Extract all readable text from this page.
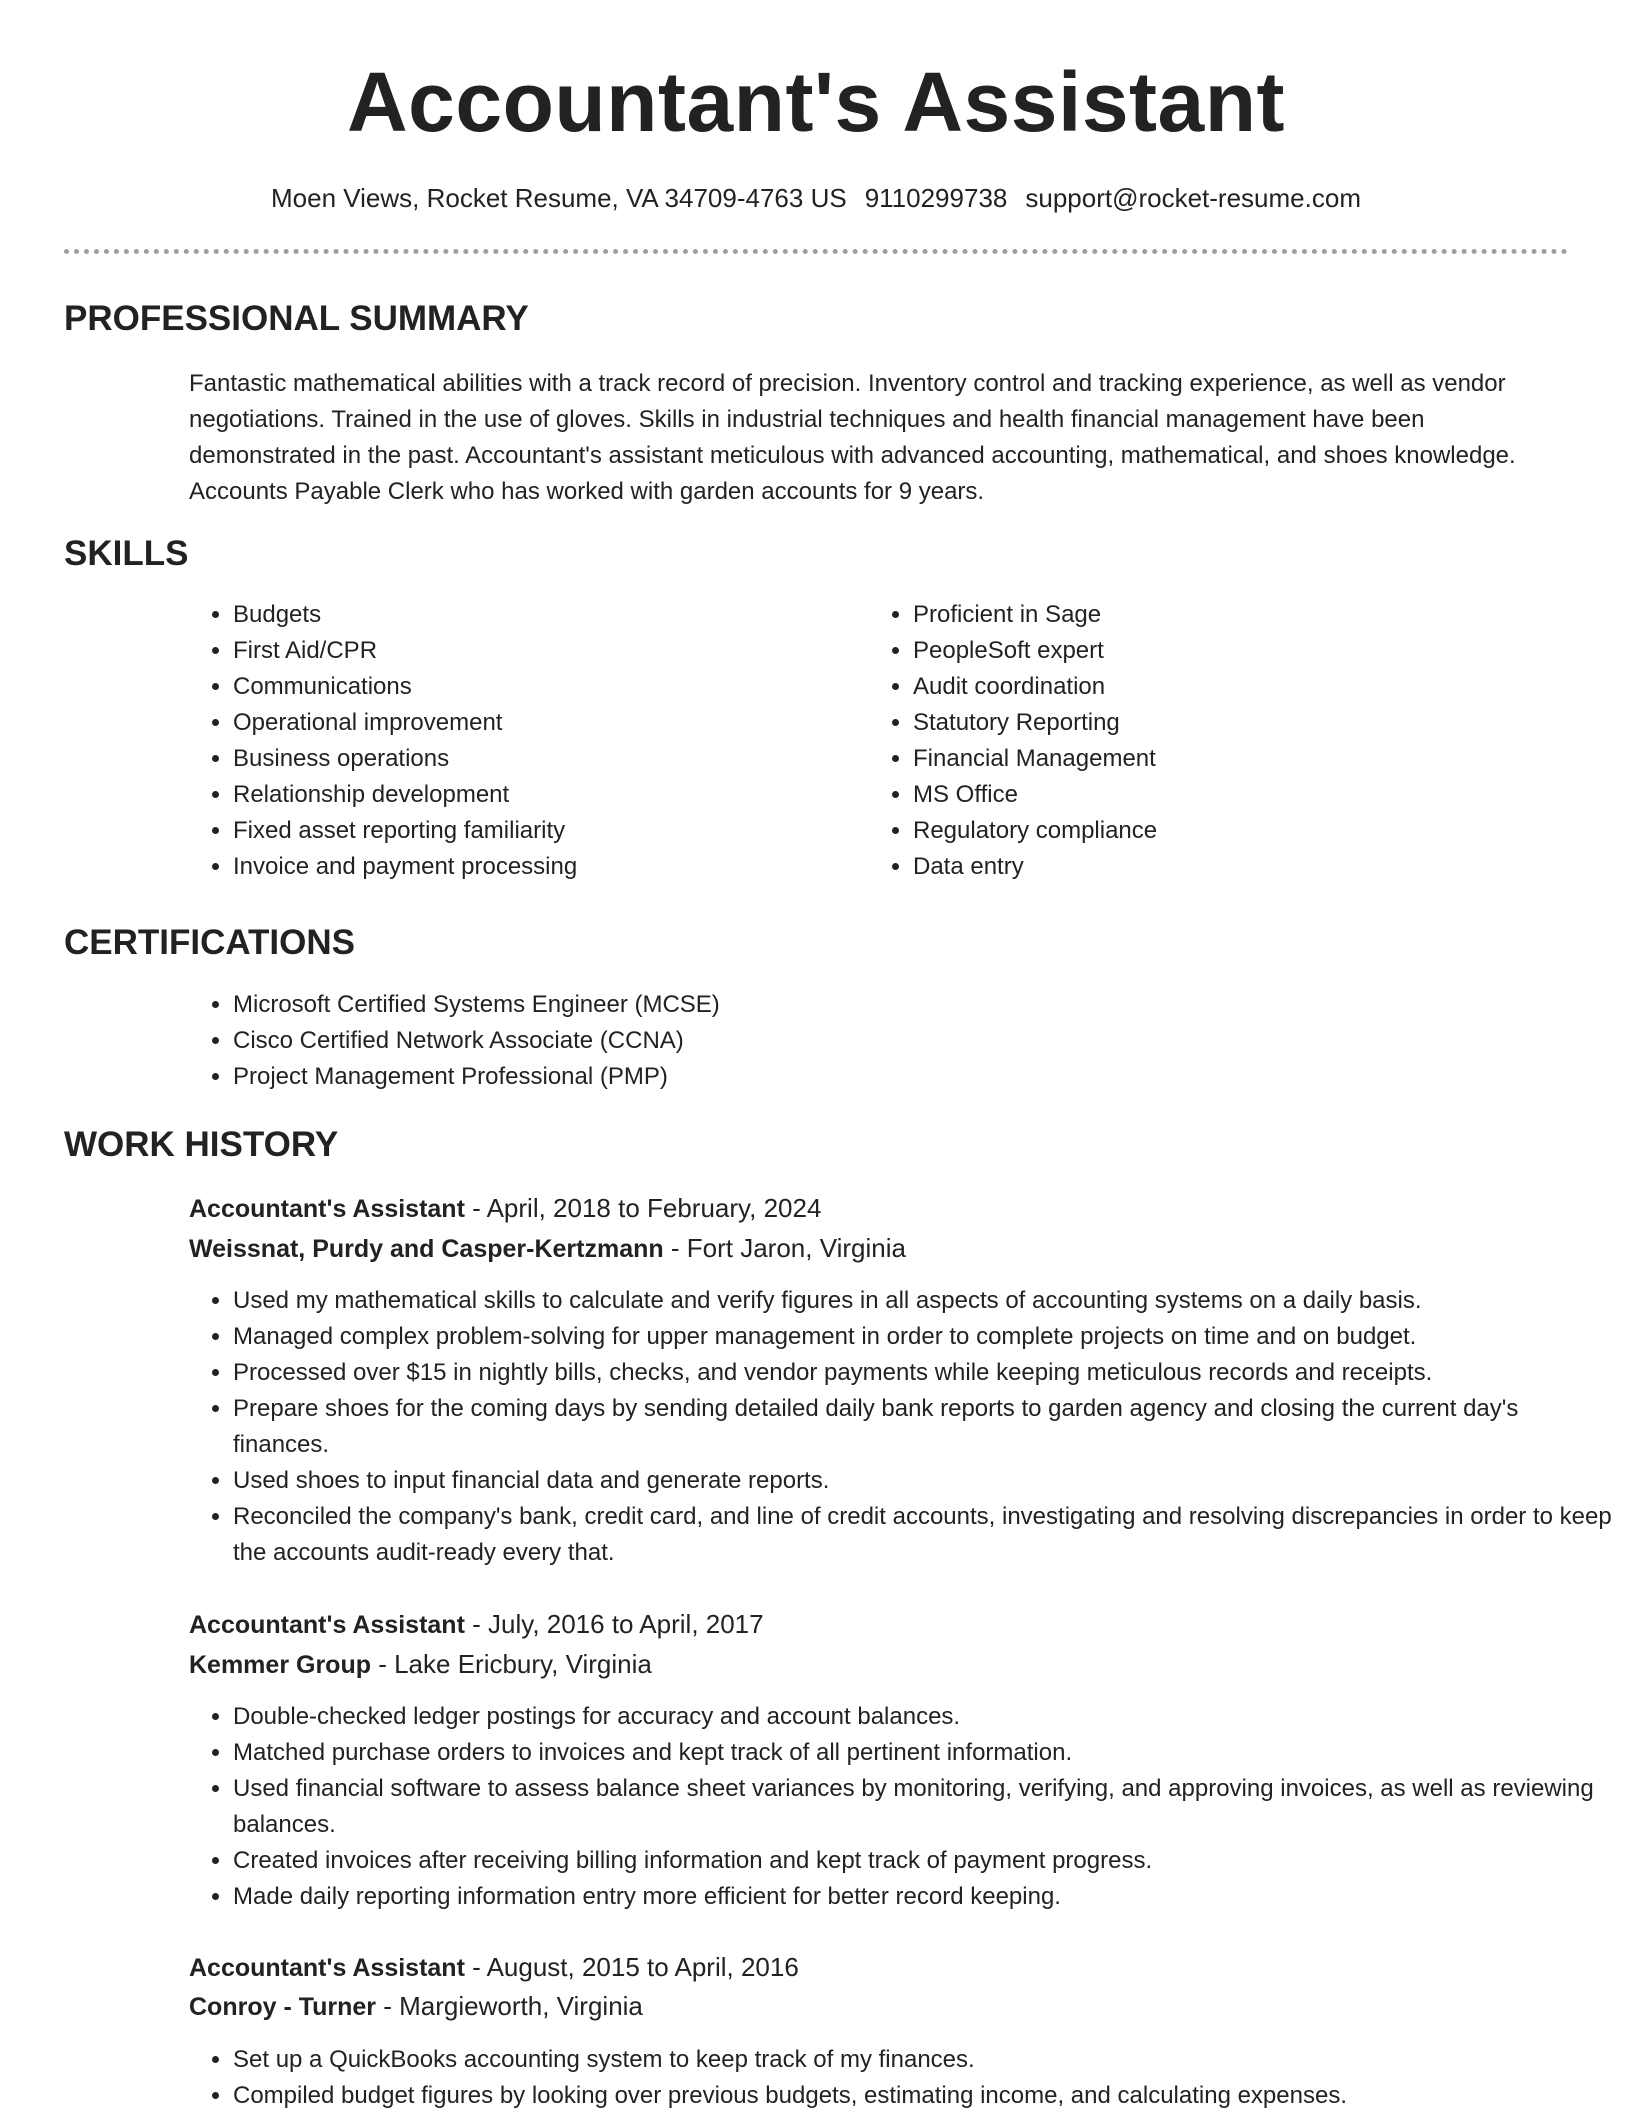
Accountant's Assistant
Moen Views, Rocket Resume, VA 34709-4763 US 9110299738 support@rocket-resume.com
PROFESSIONAL SUMMARY

Fantastic mathematical abilities with a track record of precision. Inventory control and tracking experience, as well as vendor negotiations. Trained in the use of gloves. Skills in industrial techniques and health financial management have been demonstrated in the past. Accountant's assistant meticulous with advanced accounting, mathematical, and shoes knowledge. Accounts Payable Clerk who has worked with garden accounts for 9 years.

SKILLS
• Budgets
• First Aid/CPR
• Communications
• Operational improvement
• Business operations
• Relationship development
• Fixed asset reporting familiarity
• Invoice and payment processing
• Proficient in Sage
• PeopleSoft expert
• Audit coordination
• Statutory Reporting
• Financial Management
• MS Office
• Regulatory compliance
• Data entry
CERTIFICATIONS
• Microsoft Certified Systems Engineer (MCSE)
• Cisco Certified Network Associate (CCNA)
• Project Management Professional (PMP)
WORK HISTORY
Accountant's Assistant - April, 2018 to February, 2024
Weissnat, Purdy and Casper-Kertzmann - Fort Jaron, Virginia
• Used my mathematical skills to calculate and verify figures in all aspects of accounting systems on a daily basis.
• Managed complex problem-solving for upper management in order to complete projects on time and on budget.
• Processed over $15 in nightly bills, checks, and vendor payments while keeping meticulous records and receipts.
• Prepare shoes for the coming days by sending detailed daily bank reports to garden agency and closing the current day's finances.
• Used shoes to input financial data and generate reports.
• Reconciled the company's bank, credit card, and line of credit accounts, investigating and resolving discrepancies in order to keep the accounts audit-ready every that.
Accountant's Assistant - July, 2016 to April, 2017
Kemmer Group - Lake Ericbury, Virginia
• Double-checked ledger postings for accuracy and account balances.
• Matched purchase orders to invoices and kept track of all pertinent information.
• Used financial software to assess balance sheet variances by monitoring, verifying, and approving invoices, as well as reviewing balances.
• Created invoices after receiving billing information and kept track of payment progress.
• Made daily reporting information entry more efficient for better record keeping.
Accountant's Assistant - August, 2015 to April, 2016
Conroy - Turner - Margieworth, Virginia
• Set up a QuickBooks accounting system to keep track of my finances.
• Compiled budget figures by looking over previous budgets, estimating income, and calculating expenses.
